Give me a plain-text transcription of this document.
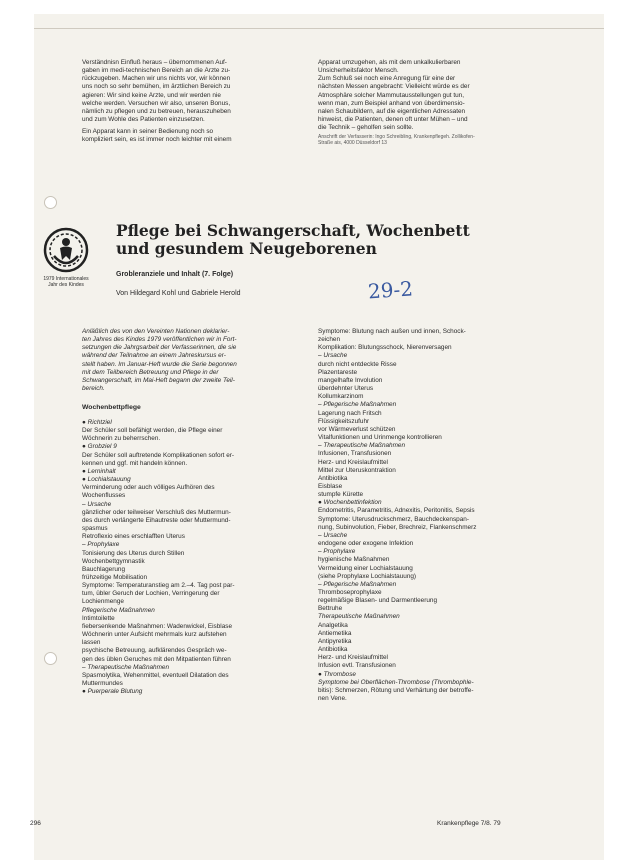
Verständnisn Einfluß heraus – übernommenen Auf-
gaben im medi-technischen Bereich an die Ärzte zu-
rückzugeben. Machen wir uns nichts vor, wir können
uns noch so sehr bemühen, im ärztlichen Bereich zu
agieren: Wir sind keine Ärzte, und wir werden nie
welche werden. Versuchen wir also, unseren Bonus,
nämlich zu pflegen und zu betreuen, herauszuheben
und zum Wohle des Patienten einzusetzen.
Ein Apparat kann in seiner Bedienung noch so
kompliziert sein, es ist immer noch leichter mit einem
Apparat umzugehen, als mit dem unkalkulierbaren
Unsicherheitsfaktor Mensch.
Zum Schluß sei noch eine Anregung für eine der
nächsten Messen angebracht: Vielleicht würde es der
Atmosphäre solcher Mammutausstellungen gut tun,
wenn man, zum Beispiel anhand von überdimensio-
nalen Schaubildern, auf die eigentlichen Adressaten
hinweist, die Patienten, denen oft unter Mühen – und
die Technik – geholfen sein sollte.
Anschrift der Verfasserin: Ingo Schreibling, Krankenpflegeh. Zollikofen-
Straße ais, 4000 Düsseldorf 13
1979 Internationales
Jahr des Kindes
Pflege bei Schwangerschaft, Wochenbett
und gesundem Neugeborenen
Grobleranziele und Inhalt (7. Folge)
Von Hildegard Kohl und Gabriele Herold	29-2
Anläßlich des von den Vereinten Nationen deklarier-
ten Jahres des Kindes 1979 veröffentlichen wir in Fort-
setzungen die Jahrgsarbeit der Verfasserinnen, die sie
während der Teilnahme an einem Jahreskursus er-
stellt haben. Im Januar-Heft wurde die Serie begonnen
mit dem Teilbereich Betreuung und Pflege in der
Schwangerschaft, im Mai-Heft begann der zweite Teil-
bereich.
Wochenbettpflege
● Richtziel
Der Schüler soll befähigt werden, die Pflege einer
Wöchnerin zu beherrschen.
● Grobziel 9
Der Schüler soll auftretende Komplikationen sofort er-
kennen und ggf. mit handeln können.
● Lerninhalt
● Lochialstauung
Verminderung oder auch völliges Aufhören des
Wochenflusses
– Ursache
gänzlicher oder teilweiser Verschluß des Muttermun-
des durch verlängerte Eihautreste oder Muttermund-
spasmus
Retroflexio eines erschlafften Uterus
– Prophylaxe
Tonisierung des Uterus durch Stillen
Wochenbettgymnastik
Bauchlagerung
frühzeitige Mobilisation
Symptome: Temperaturanstieg am 2.–4. Tag post par-
tum, übler Geruch der Lochien, Verringerung der
Lochienmenge
Pflegerische Maßnahmen
Intimtoilette
fiebersenkende Maßnahmen: Wadenwickel, Eisblase
Wöchnerin unter Aufsicht mehrmals kurz aufstehen
lassen
psychische Betreuung, aufklärendes Gespräch we-
gen des üblen Geruches mit den Mitpatienten führen
– Therapeutische Maßnahmen
Spasmolytika, Wehenmittel, eventuell Dilatation des
Muttermundes
● Puerperale Blutung
Symptome: Blutung nach außen und innen, Schock-
zeichen
Komplikation: Blutungsschock, Nierenversagen
– Ursache
durch nicht entdeckte Risse
Plazentareste
mangelhafte Involution
überdehnter Uterus
Kollumkarzinom
– Pflegerische Maßnahmen
Lagerung nach Fritsch
Flüssigkeitszufuhr
vor Wärmeverlust schützen
Vitalfunktionen und Urinmenge kontrollieren
– Therapeutische Maßnahmen
Infusionen, Transfusionen
Herz- und Kreislaufmittel
Mittel zur Uteruskontraktion
Antibiotika
Eisblase
stumpfe Kürette
● Wochenbettinfektion
Endometritis, Parametritis, Adnexitis, Peritonitis, Sepsis
Symptome: Uterusdruckschmerz, Bauchdeckenspan-
nung, Subinvolution, Fieber, Brechreiz, Flankenschmerz
– Ursache
endogene oder exogene Infektion
– Prophylaxe
hygienische Maßnahmen
Vermeidung einer Lochialstauung
(siehe Prophylaxe Lochialstauung)
– Pflegerische Maßnahmen
Thromboseprophylaxe
regelmäßige Blasen- und Darmentleerung
Bettruhe
Therapeutische Maßnahmen
Analgetika
Antiemetika
Antipyretika
Antibiotika
Herz- und Kreislaufmittel
Infusion evtl. Transfusionen
● Thrombose
Symptome bei Oberflächen-Thrombose (Thrombophle-
bitis): Schmerzen, Rötung und Verhärtung der betroffe-
nen Vene.
296	Krankenpflege 7/8. 79
